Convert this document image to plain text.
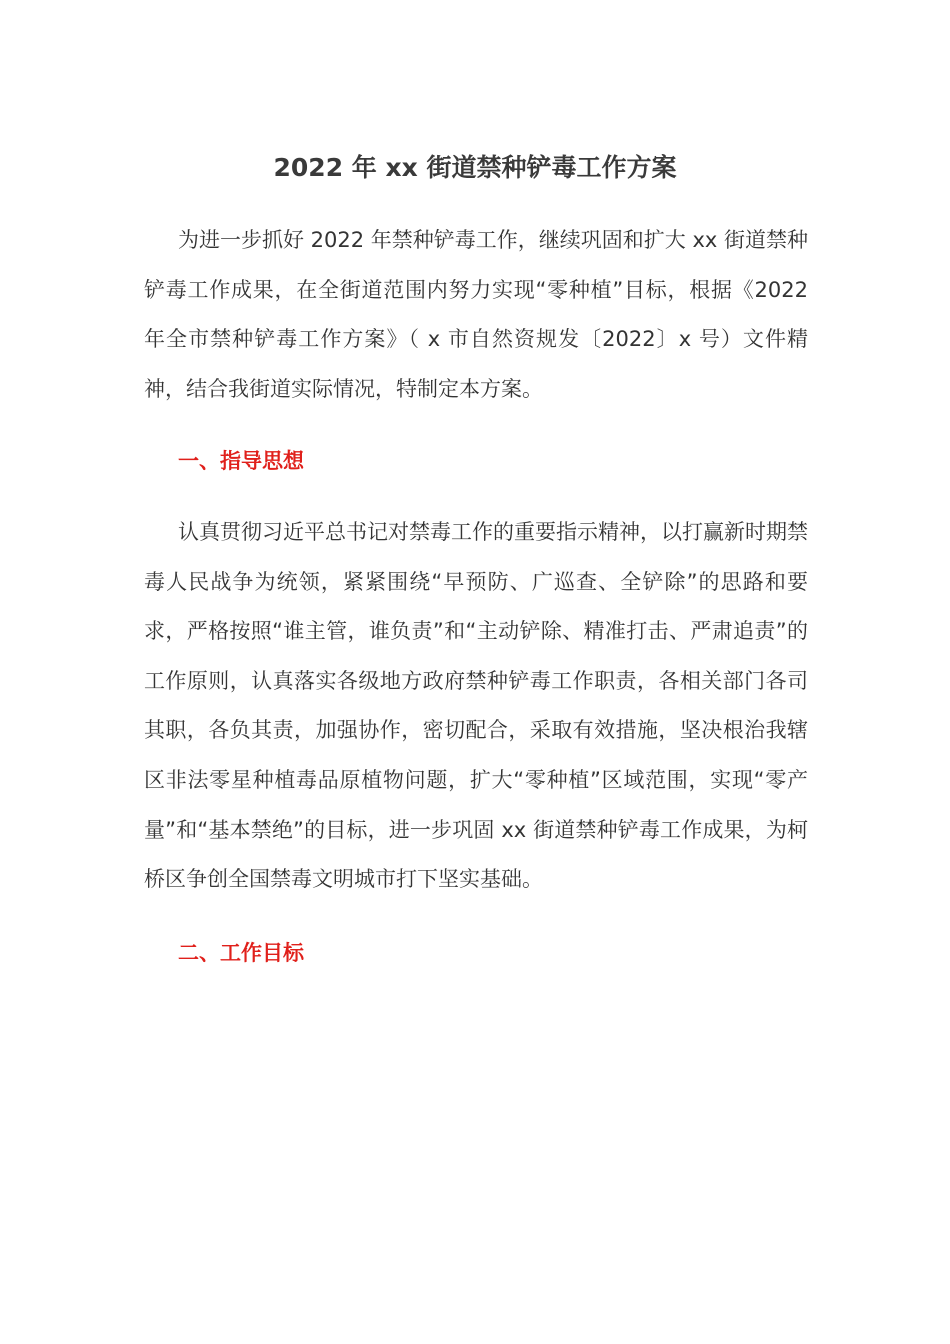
2022 年 xx 街道禁种铲毒工作方案

为进一步抓好 2022 年禁种铲毒工作，继续巩固和扩大 xx 街道禁种铲毒工作成果，在全街道范围内努力实现“零种植”目标，根据《2022 年全市禁种铲毒工作方案》（ x 市自然资规发〔2022〕x 号）文件精神，结合我街道实际情况，特制定本方案。

一、指导思想

认真贯彻习近平总书记对禁毒工作的重要指示精神，以打赢新时期禁毒人民战争为统领，紧紧围绕“早预防、广巡查、全铲除”的思路和要求，严格按照“谁主管，谁负责”和“主动铲除、精准打击、严肃追责”的工作原则，认真落实各级地方政府禁种铲毒工作职责，各相关部门各司其职，各负其责，加强协作，密切配合，采取有效措施，坚决根治我辖区非法零星种植毒品原植物问题，扩大“零种植”区域范围，实现“零产量”和“基本禁绝”的目标，进一步巩固 xx 街道禁种铲毒工作成果，为柯桥区争创全国禁毒文明城市打下坚实基础。

二、工作目标
